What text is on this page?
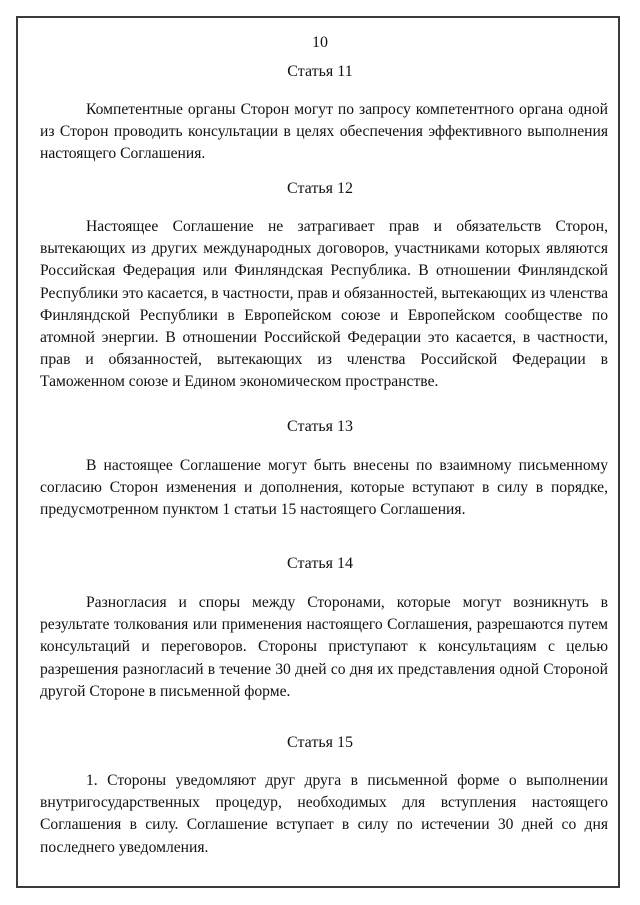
10
Статья 11
Компетентные органы Сторон могут по запросу компетентного органа одной из Сторон проводить консультации в целях обеспечения эффективного выполнения настоящего Соглашения.
Статья 12
Настоящее Соглашение не затрагивает прав и обязательств Сторон, вытекающих из других международных договоров, участниками которых являются Российская Федерация или Финляндская Республика. В отношении Финляндской Республики это касается, в частности, прав и обязанностей, вытекающих из членства Финляндской Республики в Европейском союзе и Европейском сообществе по атомной энергии. В отношении Российской Федерации это касается, в частности, прав и обязанностей, вытекающих из членства Российской Федерации в Таможенном союзе и Едином экономическом пространстве.
Статья 13
В настоящее Соглашение могут быть внесены по взаимному письменному согласию Сторон изменения и дополнения, которые вступают в силу в порядке, предусмотренном пунктом 1 статьи 15 настоящего Соглашения.
Статья 14
Разногласия и споры между Сторонами, которые могут возникнуть в результате толкования или применения настоящего Соглашения, разрешаются путем консультаций и переговоров. Стороны приступают к консультациям с целью разрешения разногласий в течение 30 дней со дня их представления одной Стороной другой Стороне в письменной форме.
Статья 15
1. Стороны уведомляют друг друга в письменной форме о выполнении внутригосударственных процедур, необходимых для вступления настоящего Соглашения в силу. Соглашение вступает в силу по истечении 30 дней со дня последнего уведомления.
